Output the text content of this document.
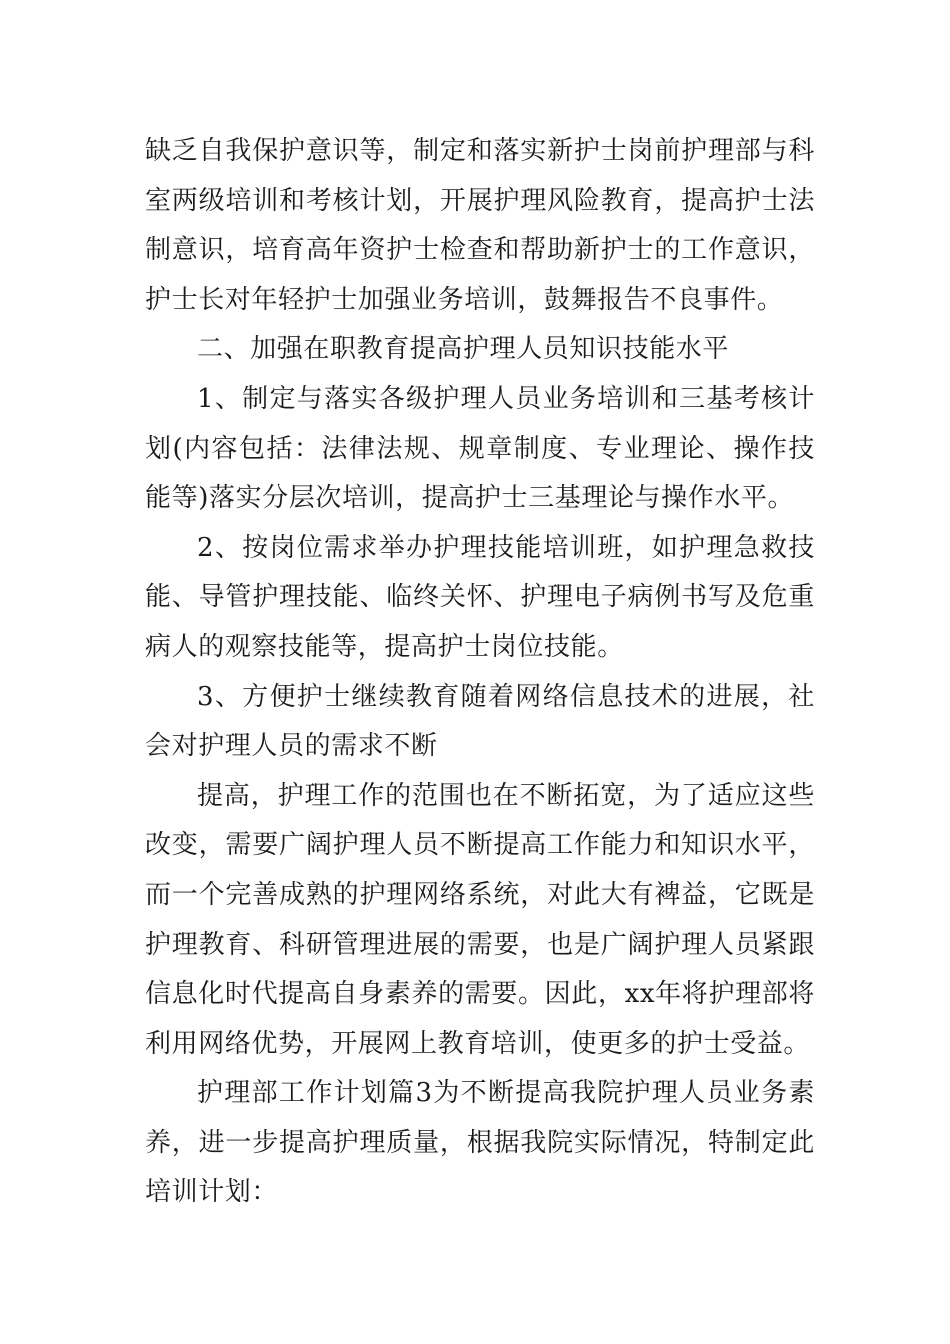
缺乏自我保护意识等，制定和落实新护士岗前护理部与科室两级培训和考核计划，开展护理风险教育，提高护士法制意识，培育高年资护士检查和帮助新护士的工作意识，护士长对年轻护士加强业务培训，鼓舞报告不良事件。

二、加强在职教育提高护理人员知识技能水平

1、制定与落实各级护理人员业务培训和三基考核计划(内容包括：法律法规、规章制度、专业理论、操作技能等)落实分层次培训，提高护士三基理论与操作水平。

2、按岗位需求举办护理技能培训班，如护理急救技能、导管护理技能、临终关怀、护理电子病例书写及危重病人的观察技能等，提高护士岗位技能。

3、方便护士继续教育随着网络信息技术的进展，社会对护理人员的需求不断

提高，护理工作的范围也在不断拓宽，为了适应这些改变，需要广阔护理人员不断提高工作能力和知识水平，而一个完善成熟的护理网络系统，对此大有裨益，它既是护理教育、科研管理进展的需要，也是广阔护理人员紧跟信息化时代提高自身素养的需要。因此，xx年将护理部将利用网络优势，开展网上教育培训，使更多的护士受益。

护理部工作计划篇3为不断提高我院护理人员业务素养，进一步提高护理质量，根据我院实际情况，特制定此培训计划：
